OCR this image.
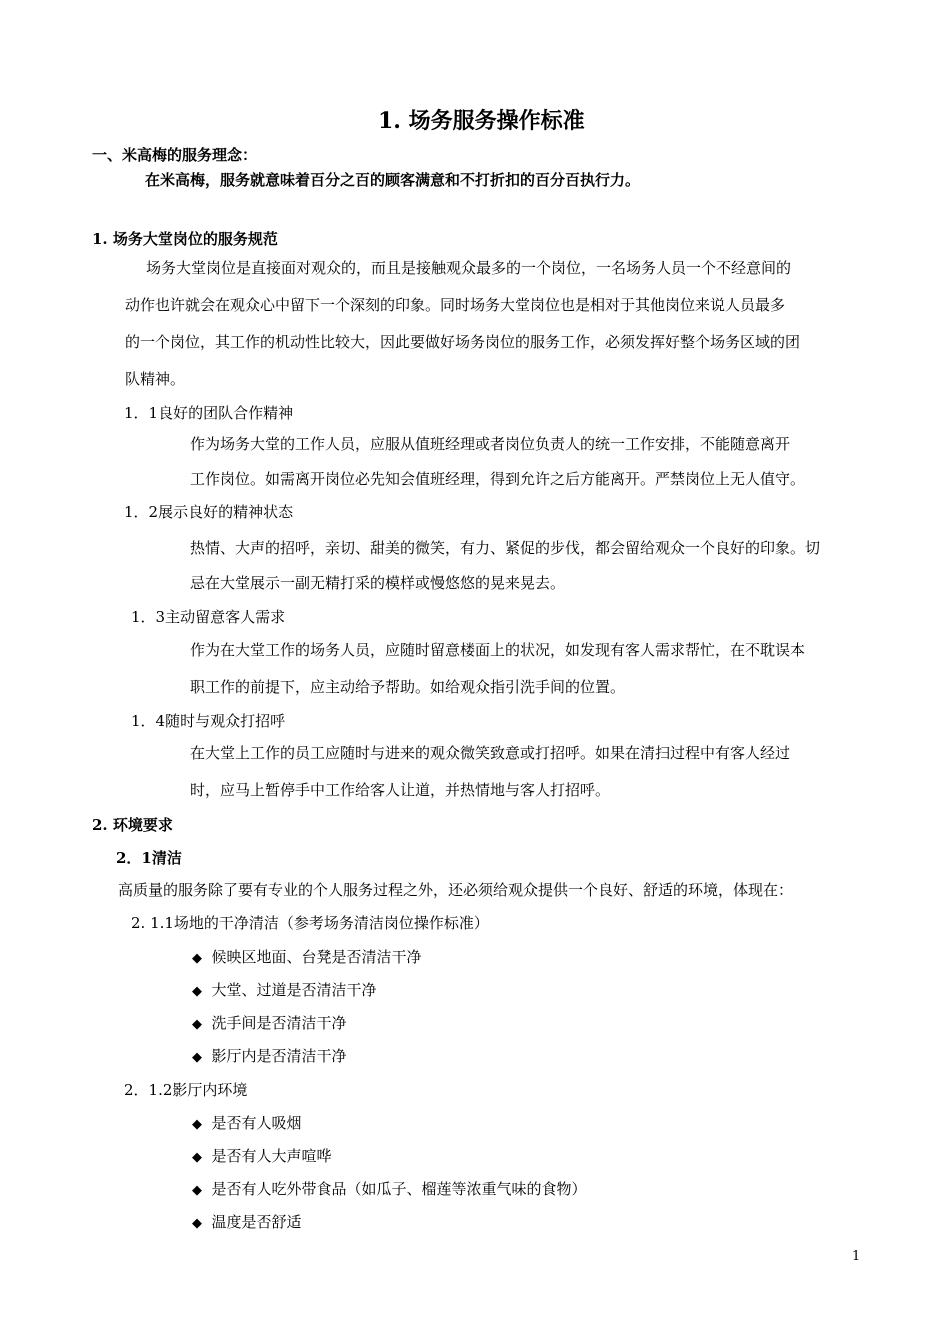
1. 场务服务操作标准
一、米高梅的服务理念：
在米高梅，服务就意味着百分之百的顾客满意和不打折扣的百分百执行力。
1. 场务大堂岗位的服务规范
场务大堂岗位是直接面对观众的，而且是接触观众最多的一个岗位，一名场务人员一个不经意间的
动作也许就会在观众心中留下一个深刻的印象。同时场务大堂岗位也是相对于其他岗位来说人员最多
的一个岗位，其工作的机动性比较大，因此要做好场务岗位的服务工作，必须发挥好整个场务区域的团
队精神。
1．1良好的团队合作精神
作为场务大堂的工作人员，应服从值班经理或者岗位负责人的统一工作安排，不能随意离开
工作岗位。如需离开岗位必先知会值班经理，得到允许之后方能离开。严禁岗位上无人值守。
1．2展示良好的精神状态
热情、大声的招呼，亲切、甜美的微笑，有力、紧促的步伐，都会留给观众一个良好的印象。切
忌在大堂展示一副无精打采的模样或慢悠悠的晃来晃去。
1．3主动留意客人需求
作为在大堂工作的场务人员，应随时留意楼面上的状况，如发现有客人需求帮忙，在不耽误本
职工作的前提下，应主动给予帮助。如给观众指引洗手间的位置。
1．4随时与观众打招呼
在大堂上工作的员工应随时与进来的观众微笑致意或打招呼。如果在清扫过程中有客人经过
时，应马上暂停手中工作给客人让道，并热情地与客人打招呼。
2. 环境要求
2．1清洁
高质量的服务除了要有专业的个人服务过程之外，还必须给观众提供一个良好、舒适的环境，体现在：
2. 1.1场地的干净清洁（参考场务清洁岗位操作标准）
◆ 候映区地面、台凳是否清洁干净
◆ 大堂、过道是否清洁干净
◆ 洗手间是否清洁干净
◆ 影厅内是否清洁干净
2．1.2影厅内环境
◆ 是否有人吸烟
◆ 是否有人大声喧哗
◆ 是否有人吃外带食品（如瓜子、榴莲等浓重气味的食物）
◆ 温度是否舒适
1
